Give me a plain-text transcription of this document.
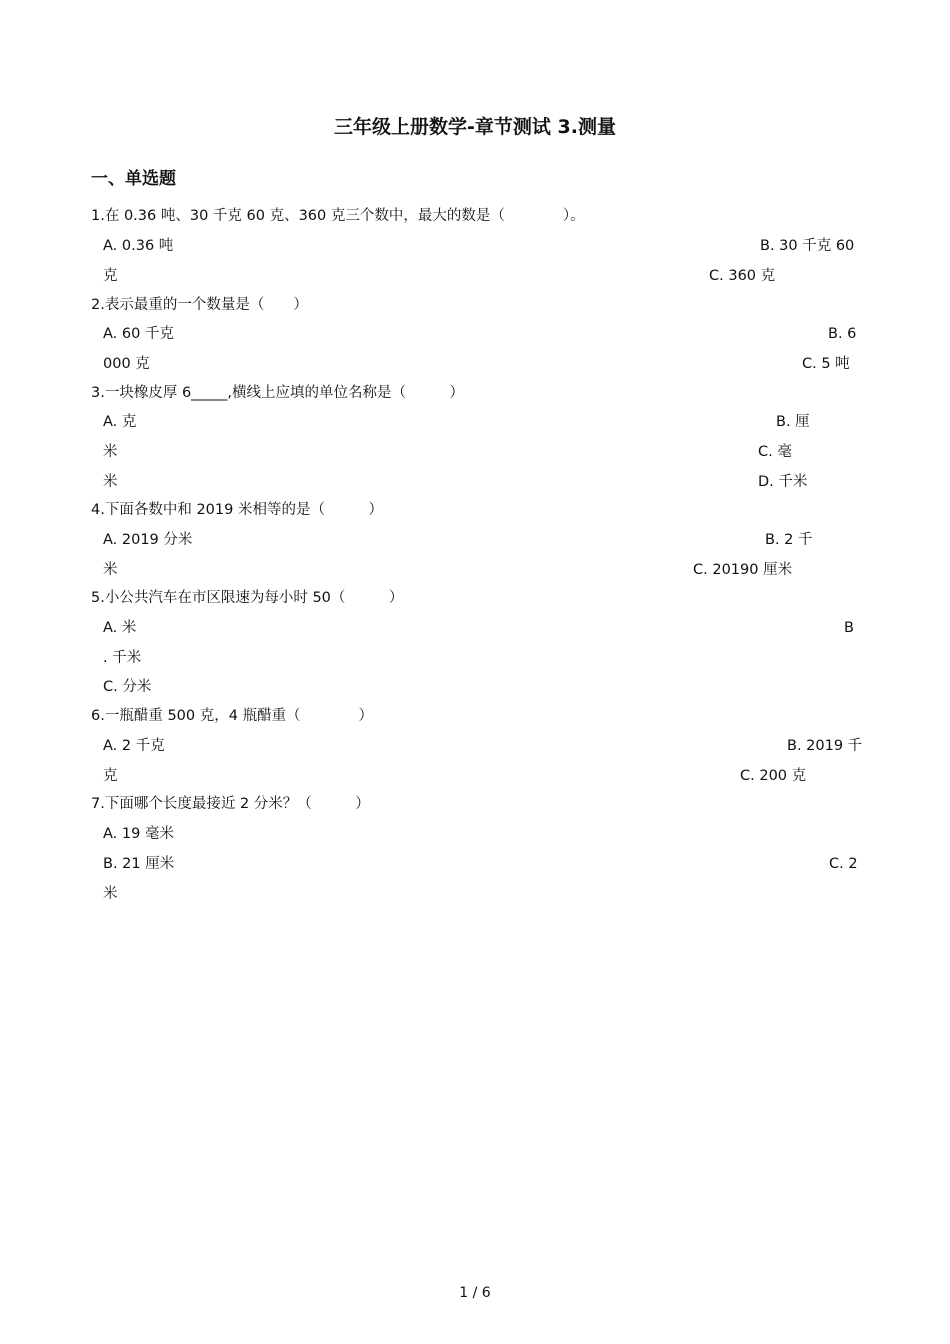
三年级上册数学-章节测试 3.测量
一、单选题
1.在 0.36 吨、30 千克 60 克、360 克三个数中，最大的数是（　　　　）。
A. 0.36 吨	B. 30 千克 60
克	C. 360 克
2.表示最重的一个数量是（　　）
A. 60 千克	B. 6
000 克	C. 5 吨
3.一块橡皮厚 6_____,横线上应填的单位名称是（　　　）
A. 克	B. 厘
米	C. 毫
米	D. 千米
4.下面各数中和 2019 米相等的是（　　　）
A. 2019 分米	B. 2 千
米	C. 20190 厘米
5.小公共汽车在市区限速为每小时 50（　　　）
A. 米	B
. 千米
C. 分米
6.一瓶醋重 500 克，4 瓶醋重（　　　　）
A. 2 千克	B. 2019 千
克	C. 200 克
7.下面哪个长度最接近 2 分米？（　　　）
A. 19 毫米
B. 21 厘米	C. 2
米
1 / 6
